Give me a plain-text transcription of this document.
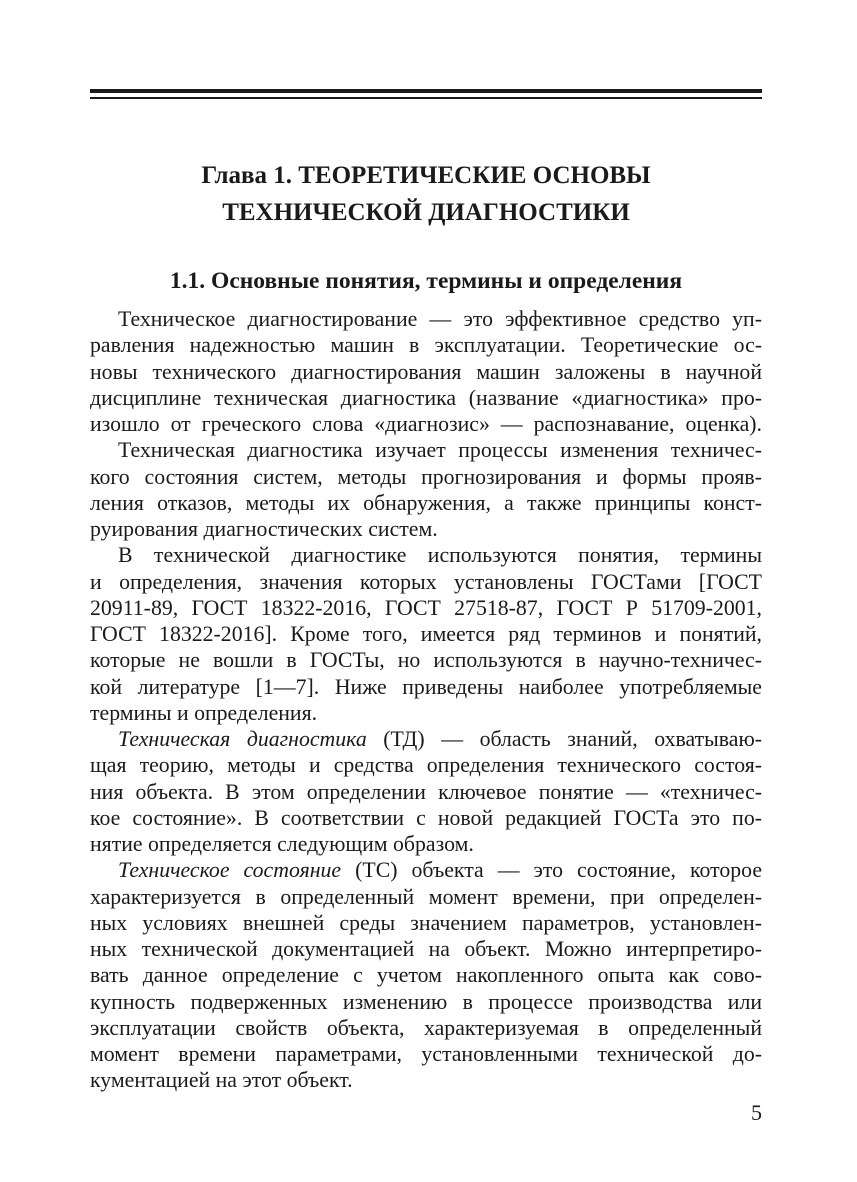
Глава 1. ТЕОРЕТИЧЕСКИЕ ОСНОВЫ
ТЕХНИЧЕСКОЙ ДИАГНОСТИКИ
1.1. Основные понятия, термины и определения
Техническое диагностирование — это эффективное средство уп-
равления надежностью машин в эксплуатации. Теоретические ос-
новы технического диагностирования машин заложены в научной
дисциплине техническая диагностика (название «диагностика» про-
изошло от греческого слова «диагнозис» — распознавание, оценка).
Техническая диагностика изучает процессы изменения техничес-
кого состояния систем, методы прогнозирования и формы прояв-
ления отказов, методы их обнаружения, а также принципы конст-
руирования диагностических систем.
В технической диагностике используются понятия, термины
и определения, значения которых установлены ГОСТами [ГОСТ
20911-89, ГОСТ 18322-2016, ГОСТ 27518-87, ГОСТ Р 51709-2001,
ГОСТ 18322-2016]. Кроме того, имеется ряд терминов и понятий,
которые не вошли в ГОСТы, но используются в научно-техничес-
кой литературе [1—7]. Ниже приведены наиболее употребляемые
термины и определения.
Техническая диагностика (ТД) — область знаний, охватываю-
щая теорию, методы и средства определения технического состоя-
ния объекта. В этом определении ключевое понятие — «техничес-
кое состояние». В соответствии с новой редакцией ГОСТа это по-
нятие определяется следующим образом.
Техническое состояние (ТС) объекта — это состояние, которое
характеризуется в определенный момент времени, при определен-
ных условиях внешней среды значением параметров, установлен-
ных технической документацией на объект. Можно интерпретиро-
вать данное определение с учетом накопленного опыта как сово-
купность подверженных изменению в процессе производства или
эксплуатации свойств объекта, характеризуемая в определенный
момент времени параметрами, установленными технической до-
кументацией на этот объект.
5
